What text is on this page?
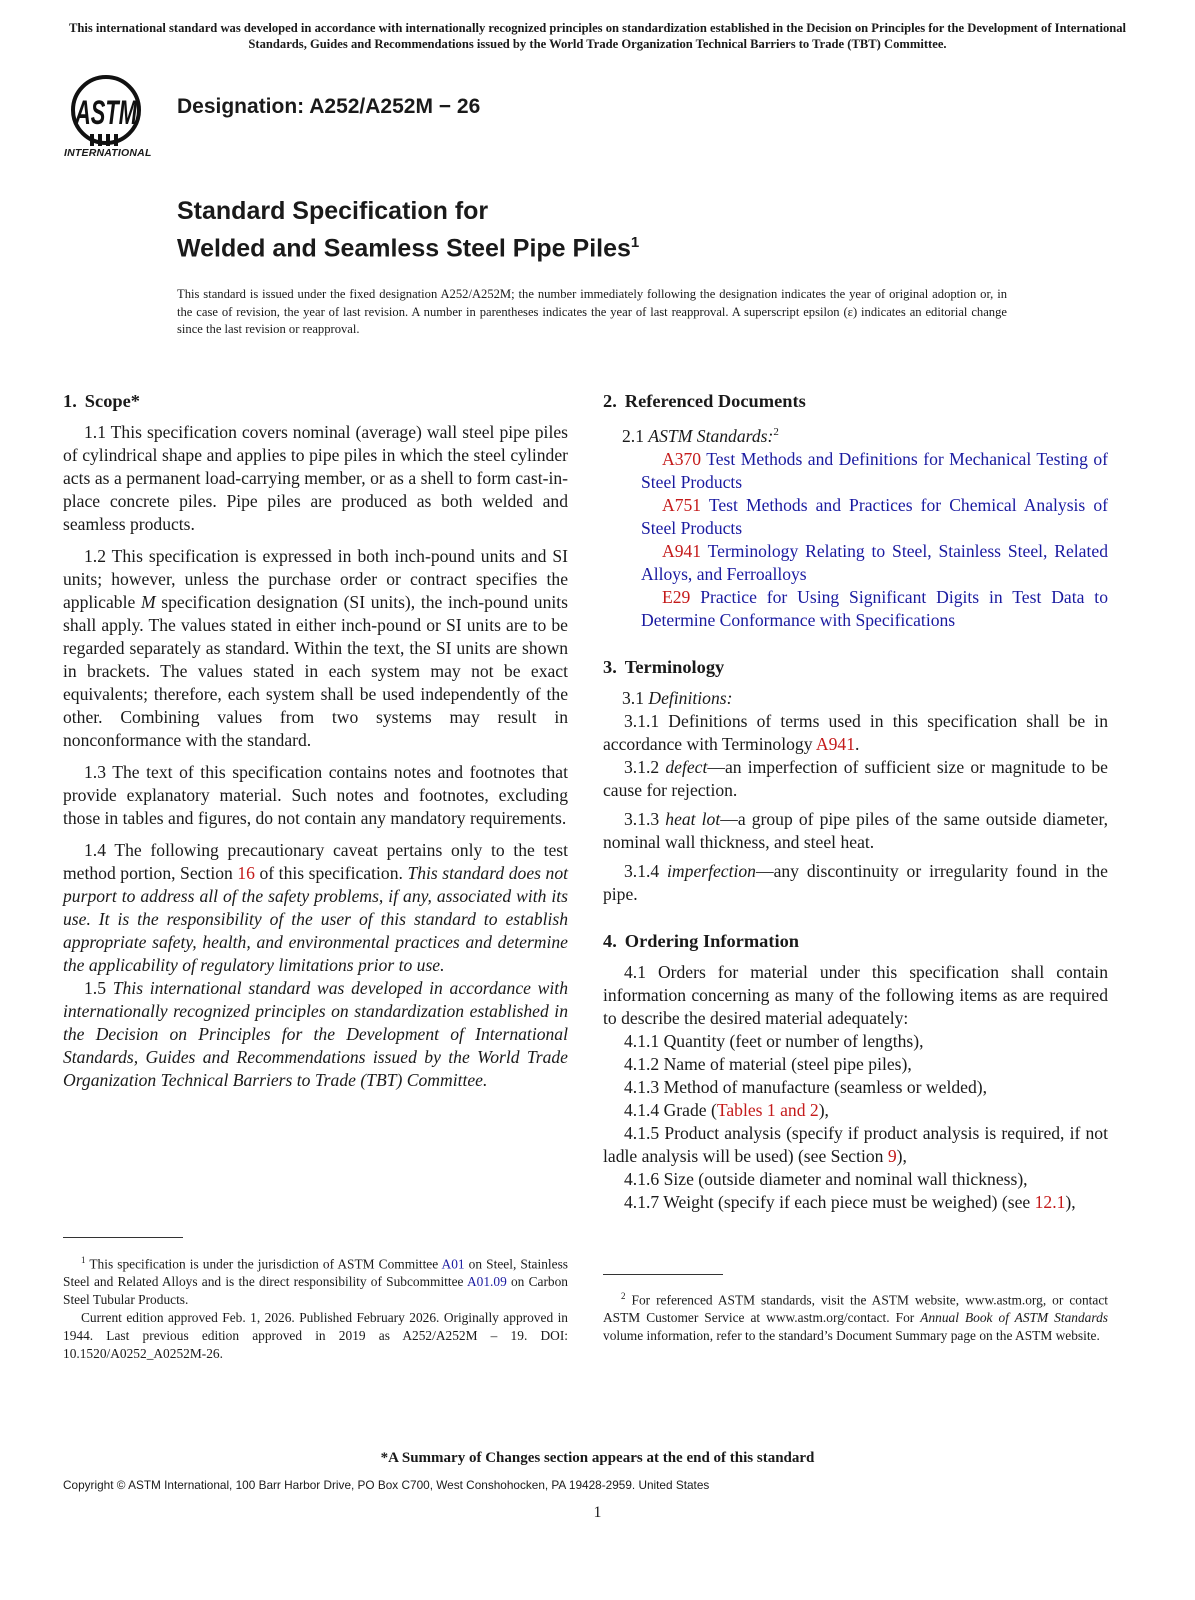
This international standard was developed in accordance with internationally recognized principles on standardization established in the Decision on Principles for the Development of International Standards, Guides and Recommendations issued by the World Trade Organization Technical Barriers to Trade (TBT) Committee.
ASTM
INTERNATIONAL
Designation: A252/A252M − 26
Standard Specification for
Welded and Seamless Steel Pipe Piles$^1$
This standard is issued under the fixed designation A252/A252M; the number immediately following the designation indicates the year of original adoption or, in the case of revision, the year of last revision. A number in parentheses indicates the year of last reapproval. A superscript epsilon (ε) indicates an editorial change since the last revision or reapproval.
1. Scope*

1.1 This specification covers nominal (average) wall steel pipe piles of cylindrical shape and applies to pipe piles in which the steel cylinder acts as a permanent load-carrying member, or as a shell to form cast-in-place concrete piles. Pipe piles are produced as both welded and seamless products.

1.2 This specification is expressed in both inch-pound units and SI units; however, unless the purchase order or contract specifies the applicable M specification designation (SI units), the inch-pound units shall apply. The values stated in either inch-pound or SI units are to be regarded separately as standard. Within the text, the SI units are shown in brackets. The values stated in each system may not be exact equivalents; therefore, each system shall be used independently of the other. Combining values from two systems may result in nonconformance with the standard.

1.3 The text of this specification contains notes and footnotes that provide explanatory material. Such notes and footnotes, excluding those in tables and figures, do not contain any mandatory requirements.

1.4 The following precautionary caveat pertains only to the test method portion, Section 16 of this specification. This standard does not purport to address all of the safety problems, if any, associated with its use. It is the responsibility of the user of this standard to establish appropriate safety, health, and environmental practices and determine the applicability of regulatory limitations prior to use.

1.5 This international standard was developed in accordance with internationally recognized principles on standardization established in the Decision on Principles for the Development of International Standards, Guides and Recommendations issued by the World Trade Organization Technical Barriers to Trade (TBT) Committee.

2. Referenced Documents

2.1 ASTM Standards:$^2$

A370 Test Methods and Definitions for Mechanical Testing of Steel Products

A751 Test Methods and Practices for Chemical Analysis of Steel Products

A941 Terminology Relating to Steel, Stainless Steel, Related Alloys, and Ferroalloys

E29 Practice for Using Significant Digits in Test Data to Determine Conformance with Specifications

3. Terminology

3.1 Definitions:

3.1.1 Definitions of terms used in this specification shall be in accordance with Terminology A941.

3.1.2 defect—an imperfection of sufficient size or magnitude to be cause for rejection.

3.1.3 heat lot—a group of pipe piles of the same outside diameter, nominal wall thickness, and steel heat.

3.1.4 imperfection—any discontinuity or irregularity found in the pipe.

4. Ordering Information

4.1 Orders for material under this specification shall contain information concerning as many of the following items as are required to describe the desired material adequately:

4.1.1 Quantity (feet or number of lengths),

4.1.2 Name of material (steel pipe piles),

4.1.3 Method of manufacture (seamless or welded),

4.1.4 Grade (Tables 1 and 2),

4.1.5 Product analysis (specify if product analysis is required, if not ladle analysis will be used) (see Section 9),

4.1.6 Size (outside diameter and nominal wall thickness),

4.1.7 Weight (specify if each piece must be weighed) (see 12.1),

$^1$ This specification is under the jurisdiction of ASTM Committee A01 on Steel, Stainless Steel and Related Alloys and is the direct responsibility of Subcommittee A01.09 on Carbon Steel Tubular Products.

Current edition approved Feb. 1, 2026. Published February 2026. Originally approved in 1944. Last previous edition approved in 2019 as A252/A252M – 19. DOI: 10.1520/A0252_A0252M-26.

$^2$ For referenced ASTM standards, visit the ASTM website, www.astm.org, or contact ASTM Customer Service at www.astm.org/contact. For Annual Book of ASTM Standards volume information, refer to the standard’s Document Summary page on the ASTM website.

*A Summary of Changes section appears at the end of this standard
Copyright © ASTM International, 100 Barr Harbor Drive, PO Box C700, West Conshohocken, PA 19428-2959. United States
1
